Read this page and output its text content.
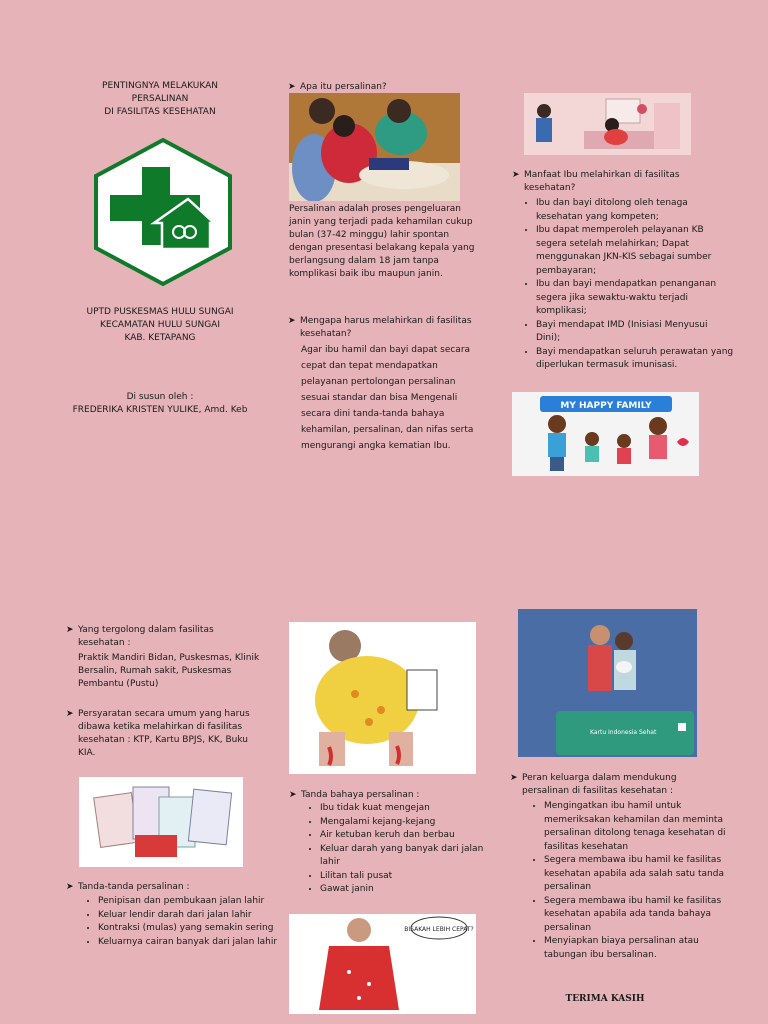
PENTINGNYA MELAKUKAN
PERSALINAN
DI FASILITAS KESEHATAN
UPTD PUSKESMAS HULU SUNGAI
KECAMATAN HULU SUNGAI
KAB. KETAPANG
Di susun oleh :
FREDERIKA KRISTEN YULIKE, Amd. Keb
➤ Apa itu persalinan?
Persalinan adalah proses pengeluaran janin yang terjadi pada kehamilan cukup bulan (37-42 minggu) lahir spontan dengan presentasi belakang kepala yang berlangsung dalam 18 jam tanpa komplikasi baik ibu maupun janin.
➤ Mengapa harus melahirkan di fasilitas kesehatan?
Agar ibu hamil dan bayi dapat secara cepat dan tepat mendapatkan pelayanan pertolongan persalinan sesuai standar dan bisa Mengenali secara dini tanda-tanda bahaya kehamilan, persalinan, dan nifas serta mengurangi angka kematian Ibu.
➤ Manfaat Ibu melahirkan di fasilitas kesehatan?
• Ibu dan bayi ditolong oleh tenaga kesehatan yang kompeten;
• Ibu dapat memperoleh pelayanan KB segera setelah melahirkan; Dapat menggunakan JKN-KIS sebagai sumber pembayaran;
• Ibu dan bayi mendapatkan penanganan segera jika sewaktu-waktu terjadi komplikasi;
• Bayi mendapat IMD (Inisiasi Menyusui Dini);
• Bayi mendapatkan seluruh perawatan yang diperlukan termasuk imunisasi.
MY HAPPY FAMILY
➤ Yang tergolong dalam fasilitas kesehatan :
Praktik Mandiri Bidan, Puskesmas, Klinik Bersalin, Rumah sakit, Puskesmas Pembantu (Pustu)
➤ Persyaratan secara umum yang harus dibawa ketika melahirkan di fasilitas kesehatan : KTP, Kartu BPJS, KK, Buku KIA.
➤ Tanda-tanda persalinan :
• Penipisan dan pembukaan jalan lahir
• Keluar lendir darah dari jalan lahir
• Kontraksi (mulas) yang semakin sering
• Keluarnya cairan banyak dari jalan lahir
➤ Tanda bahaya persalinan :
• Ibu tidak kuat mengejan
• Mengalami kejang-kejang
• Air ketuban keruh dan berbau
• Keluar darah yang banyak dari jalan lahir
• Lilitan tali pusat
• Gawat janin
BISAKAH LEBIH CEPAT?
Kartu Indonesia Sehat
➤ Peran keluarga dalam mendukung persalinan di fasilitas kesehatan :
• Mengingatkan ibu hamil untuk memeriksakan kehamilan dan meminta persalinan ditolong tenaga kesehatan di fasilitas kesehatan
• Segera membawa ibu hamil ke fasilitas kesehatan apabila ada salah satu tanda persalinan
• Segera membawa ibu hamil ke fasilitas kesehatan apabila ada tanda bahaya persalinan
• Menyiapkan biaya persalinan atau tabungan ibu bersalinan.
TERIMA KASIH
